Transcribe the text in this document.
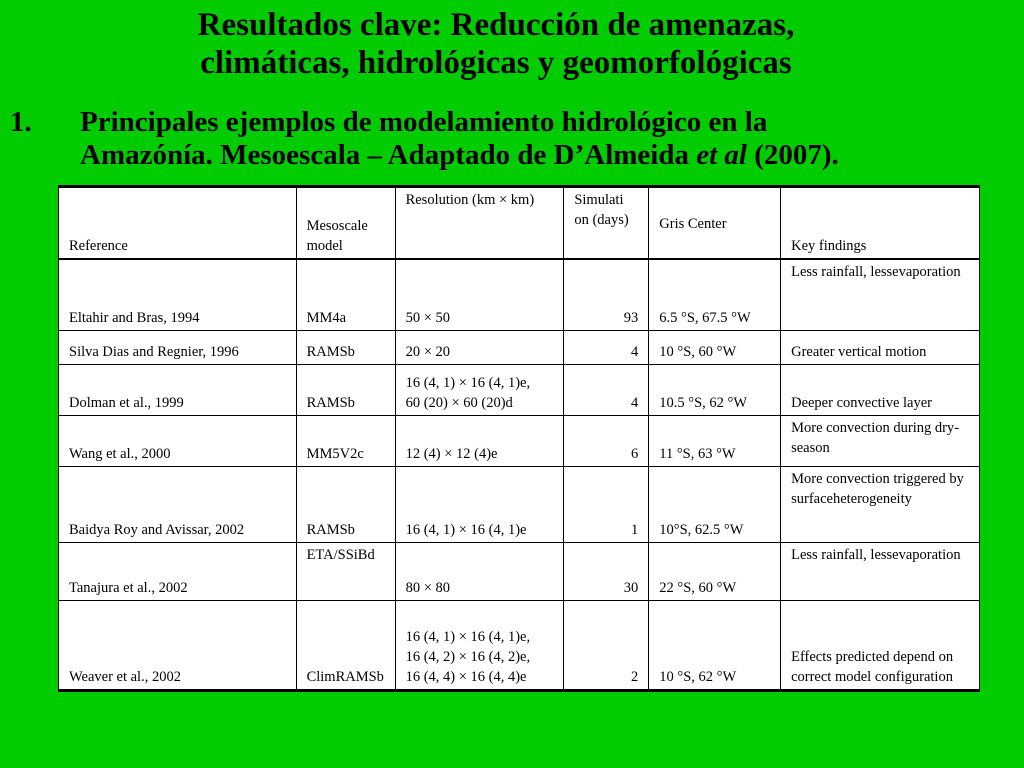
Resultados clave: Reducción de amenazas,
climáticas, hidrológicas y geomorfológicas
1. Principales ejemplos de modelamiento hidrológico en la
Amazónía. Mesoescala – Adaptado de D’Almeida et al (2007).
Reference	Mesoscale model	Resolution (km × km)	Simulati on (days)	Gris Center	Key findings
Eltahir and Bras, 1994	MM4a	50 × 50	93	6.5 °S, 67.5 °W	Less rainfall, lessevaporation
Silva Dias and Regnier, 1996	RAMSb	20 × 20	4	10 °S, 60 °W	Greater vertical motion
Dolman et al., 1999	RAMSb	16 (4, 1) × 16 (4, 1)e,
60 (20) × 60 (20)d	4	10.5 °S, 62 °W	Deeper convective layer
Wang et al., 2000	MM5V2c	12 (4) × 12 (4)e	6	11 °S, 63 °W	More convection during dry-season
Baidya Roy and Avissar, 2002	RAMSb	16 (4, 1) × 16 (4, 1)e	1	10°S, 62.5 °W	More convection triggered by surfaceheterogeneity
Tanajura et al., 2002	ETA/SSiBd	80 × 80	30	22 °S, 60 °W	Less rainfall, lessevaporation
Weaver et al., 2002	ClimRAMSb	16 (4, 1) × 16 (4, 1)e,
16 (4, 2) × 16 (4, 2)e,
16 (4, 4) × 16 (4, 4)e	2	10 °S, 62 °W	Effects predicted depend on correct model configuration
